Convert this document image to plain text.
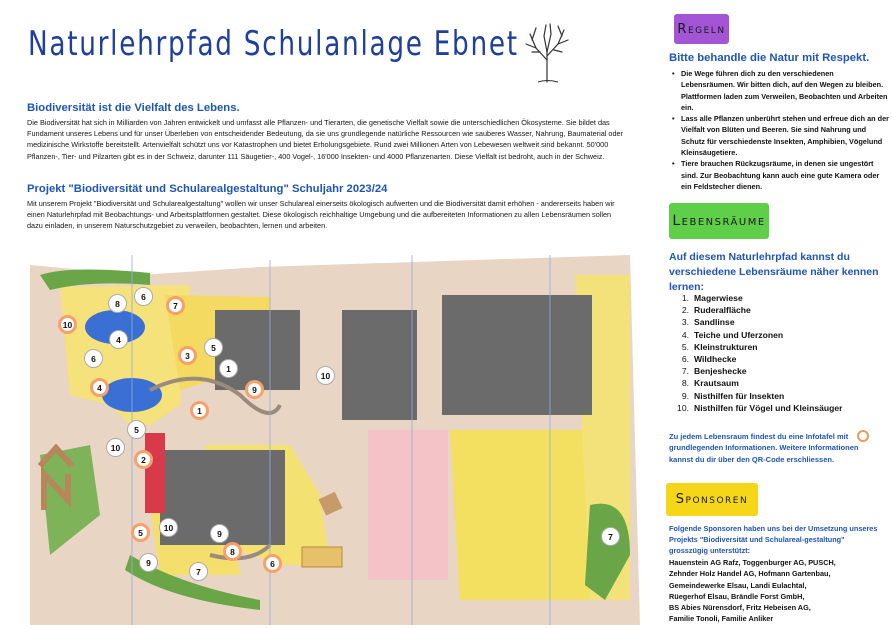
Naturlehrpfad Schulanlage Ebnet
Biodiversität ist die Vielfalt des Lebens.

Die Biodiversität hat sich in Milliarden von Jahren entwickelt und umfasst alle Pflanzen- und Tierarten, die genetische Vielfalt sowie die unterschiedlichen Ökosysteme. Sie bildet das Fundament unseres Lebens und für unser Überleben von entscheidender Bedeutung, da sie uns grundlegende natürliche Ressourcen wie sauberes Wasser, Nahrung, Baumaterial oder medizinische Wirkstoffe bereitstellt. Artenvielfalt schützt uns vor Katastrophen und bietet Erholungsgebiete. Rund zwei Millionen Arten von Lebewesen weltweit sind bekannt. 50'000 Pflanzen-, Tier- und Pilzarten gibt es in der Schweiz, darunter 111 Säugetier-, 400 Vogel-, 16'000 Insekten- und 4000 Pflanzenarten. Diese Vielfalt ist bedroht, auch in der Schweiz.

Projekt "Biodiversität und Schularealgestaltung" Schuljahr 2023/24

Mit unserem Projekt "Biodiversität und Schularealgestaltung" wollen wir unser Schulareal einerseits ökologisch aufwerten und die Biodiversität damit erhöhen - andererseits haben wir einen Naturlehrpfad mit Beobachtungs- und Arbeitsplattformen gestaltet. Diese ökologisch reichhaltige Umgebung und die aufbereiteten Informationen zu allen Lebensräumen sollen dazu einladen, in unserem Naturschutzgebiet zu verweilen, beobachten, lernen und arbeiten.

Regeln
Bitte behandle die Natur mit Respekt.
• Die Wege führen dich zu den verschiedenen Lebensräumen. Wir bitten dich, auf den Wegen zu bleiben. Plattformen laden zum Verweilen, Beobachten und Arbeiten ein.
• Lass alle Pflanzen unberührt stehen und erfreue dich an der Vielfalt von Blüten und Beeren. Sie sind Nahrung und Schutz für verschiedenste Insekten, Amphibien, Vögelund Kleinsäugetiere.
• Tiere brauchen Rückzugsräume, in denen sie ungestört sind. Zur Beobachtung kann auch eine gute Kamera oder ein Feldstecher dienen.
Lebensräume
Auf diesem Naturlehrpfad kannst du verschiedene Lebensräume näher kennen lernen:
1. Magerwiese
2. Ruderalfläche
3. Sandlinse
4. Teiche und Uferzonen
5. Kleinstrukturen
6. Wildhecke
7. Benjeshecke
8. Krautsaum
9. Nisthilfen für Insekten
10. Nisthilfen für Vögel und Kleinsäuger
Zu jedem Lebensraum findest du eine Infotafel mit grundlegenden Informationen. Weitere Informationen kannst du dir über den QR-Code erschliessen.
Sponsoren
Folgende Sponsoren haben uns bei der Umsetzung unseres Projekts "Biodiversität und Schulareal-gestaltung" grosszügig unterstützt:
Hauenstein AG Rafz, Toggenburger AG, PUSCH,
Zehnder Holz Handel AG, Hofmann Gartenbau,
Gemeindewerke Elsau, Landi Eulachtal,
Rüegerhof Elsau, Brändle Forst GmbH,
BS Abies Nürensdorf, Fritz Hebeisen AG,
Familie Tonoli, Familie Anliker
8
6
7
10
4
6	3
5
1
4	9
1
10
5
10
2
5	10
9
8
9
7
6
7
